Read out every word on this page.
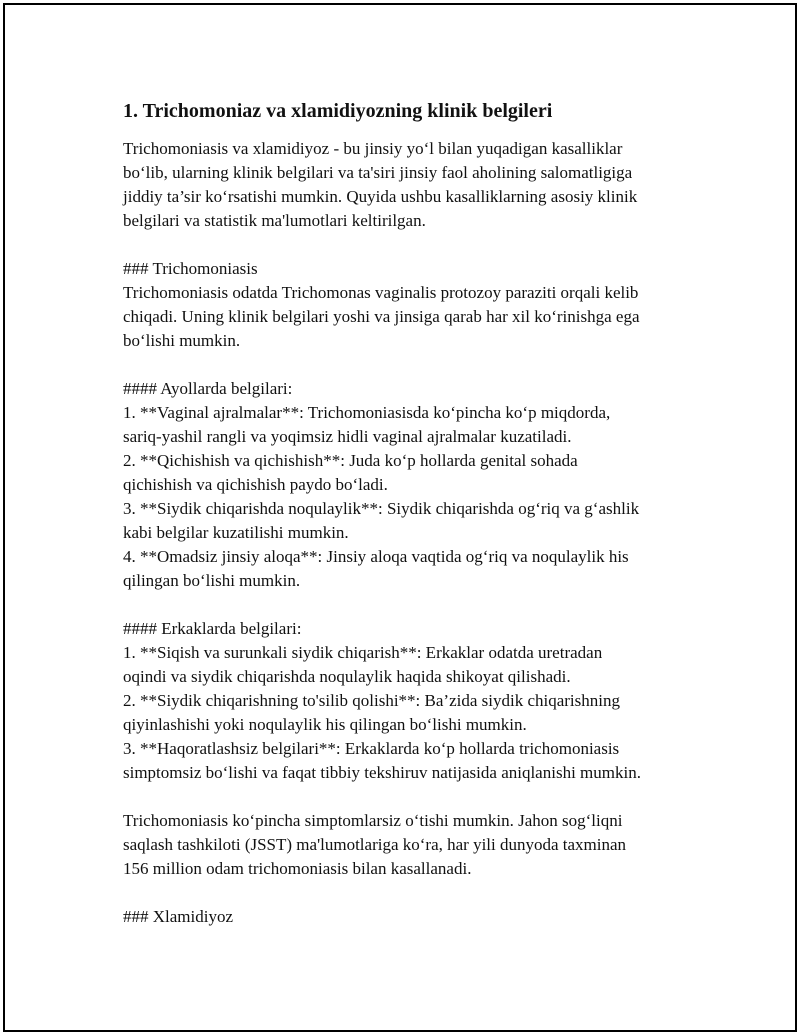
1. Trichomoniaz va xlamidiyozning klinik belgileri

Trichomoniasis va xlamidiyoz - bu jinsiy yo‘l bilan yuqadigan kasalliklar
bo‘lib, ularning klinik belgilari va ta'siri jinsiy faol aholining salomatligiga
jiddiy ta’sir ko‘rsatishi mumkin. Quyida ushbu kasalliklarning asosiy klinik
belgilari va statistik ma'lumotlari keltirilgan.

### Trichomoniasis
Trichomoniasis odatda Trichomonas vaginalis protozoy paraziti orqali kelib
chiqadi. Uning klinik belgilari yoshi va jinsiga qarab har xil ko‘rinishga ega
bo‘lishi mumkin.

#### Ayollarda belgilari:
1. **Vaginal ajralmalar**: Trichomoniasisda ko‘pincha ko‘p miqdorda,
sariq-yashil rangli va yoqimsiz hidli vaginal ajralmalar kuzatiladi.
2. **Qichishish va qichishish**: Juda ko‘p hollarda genital sohada
qichishish va qichishish paydo bo‘ladi.
3. **Siydik chiqarishda noqulaylik**: Siydik chiqarishda og‘riq va g‘ashlik
kabi belgilar kuzatilishi mumkin.
4. **Omadsiz jinsiy aloqa**: Jinsiy aloqa vaqtida og‘riq va noqulaylik his
qilingan bo‘lishi mumkin.

#### Erkaklarda belgilari:
1. **Siqish va surunkali siydik chiqarish**: Erkaklar odatda uretradan
oqindi va siydik chiqarishda noqulaylik haqida shikoyat qilishadi.
2. **Siydik chiqarishning to'silib qolishi**: Ba’zida siydik chiqarishning
qiyinlashishi yoki noqulaylik his qilingan bo‘lishi mumkin.
3. **Haqoratlashsiz belgilari**: Erkaklarda ko‘p hollarda trichomoniasis
simptomsiz bo‘lishi va faqat tibbiy tekshiruv natijasida aniqlanishi mumkin.

Trichomoniasis ko‘pincha simptomlarsiz o‘tishi mumkin. Jahon sog‘liqni
saqlash tashkiloti (JSST) ma'lumotlariga ko‘ra, har yili dunyoda taxminan
156 million odam trichomoniasis bilan kasallanadi.

### Xlamidiyoz
